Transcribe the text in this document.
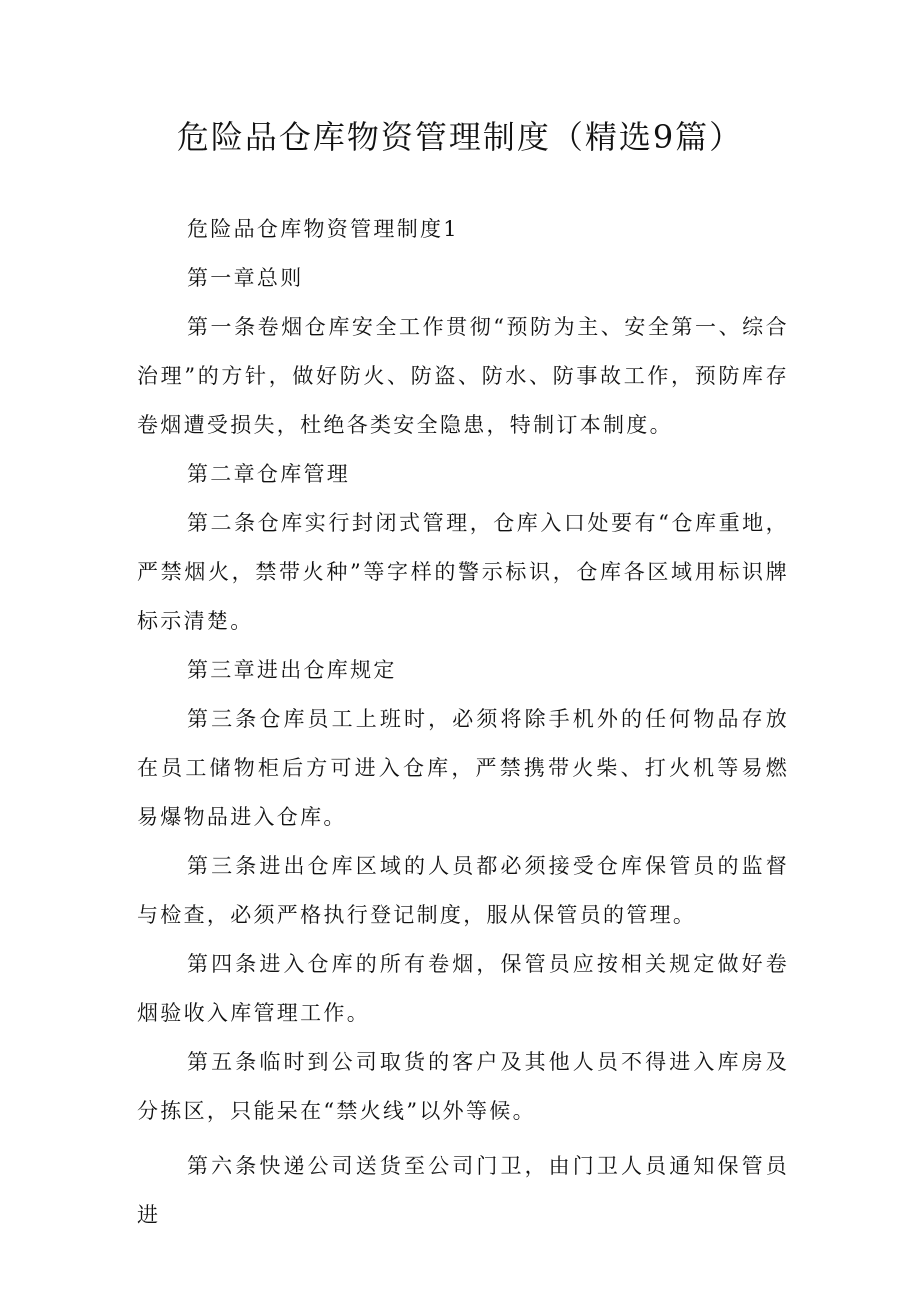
危险品仓库物资管理制度（精选9篇）

危险品仓库物资管理制度1

第一章总则

第一条卷烟仓库安全工作贯彻“预防为主、安全第一、综合治理”的方针，做好防火、防盗、防水、防事故工作，预防库存卷烟遭受损失，杜绝各类安全隐患，特制订本制度。

第二章仓库管理

第二条仓库实行封闭式管理，仓库入口处要有“仓库重地，严禁烟火，禁带火种”等字样的警示标识，仓库各区域用标识牌标示清楚。

第三章进出仓库规定

第三条仓库员工上班时，必须将除手机外的任何物品存放在员工储物柜后方可进入仓库，严禁携带火柴、打火机等易燃易爆物品进入仓库。

第三条进出仓库区域的人员都必须接受仓库保管员的监督与检查，必须严格执行登记制度，服从保管员的管理。

第四条进入仓库的所有卷烟，保管员应按相关规定做好卷烟验收入库管理工作。

第五条临时到公司取货的客户及其他人员不得进入库房及分拣区，只能呆在“禁火线”以外等候。

第六条快递公司送货至公司门卫，由门卫人员通知保管员进
